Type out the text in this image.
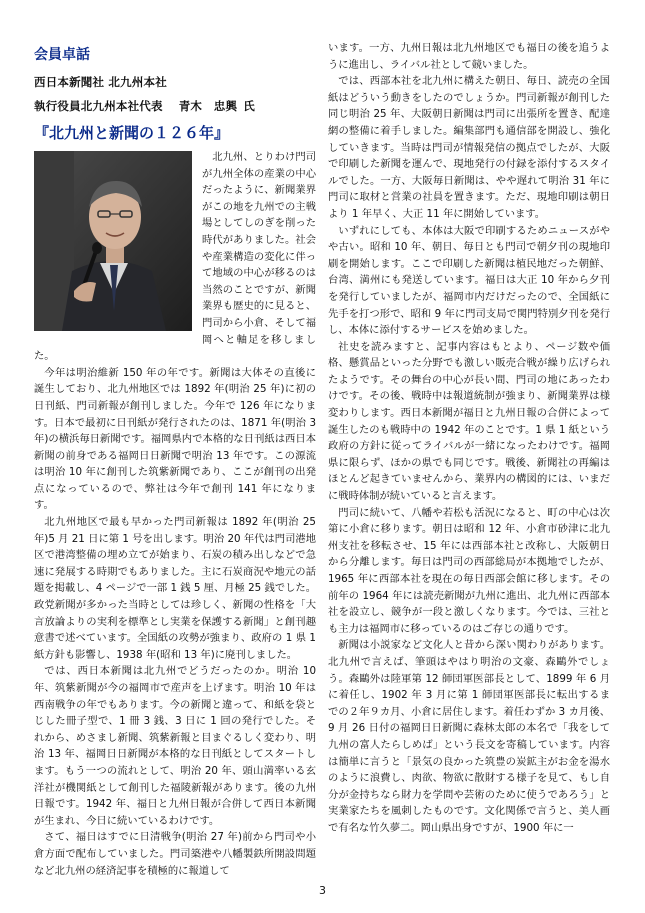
会員卓話
西日本新聞社 北九州本社
執行役員北九州本社代表 青木　忠興 氏
『北九州と新聞の１２６年』

北九州、とりわけ門司が九州全体の産業の中心だったように、新聞業界がこの地を九州での主戦場としてしのぎを削った時代がありました。社会や産業構造の変化に伴って地域の中心が移るのは当然のことですが、新聞業界も歴史的に見ると、門司から小倉、そして福岡へと軸足を移しました。

今年は明治維新 150 年の年です。新聞は大体その直後に誕生しており、北九州地区では 1892 年(明治 25 年)に初の日刊紙、門司新報が創刊しました。今年で 126 年になります。日本で最初に日刊紙が発行されたのは、1871 年(明治 3 年)の横浜毎日新聞です。福岡県内で本格的な日刊紙は西日本新聞の前身である福岡日日新聞で明治 13 年です。この源流は明治 10 年に創刊した筑紫新聞であり、ここが創刊の出発点になっているので、弊社は今年で創刊 141 年になります。

北九州地区で最も早かった門司新報は 1892 年(明治 25 年)5 月 21 日に第 1 号を出します。明治 20 年代は門司港地区で港湾整備の埋め立てが始まり、石炭の積み出しなどで急速に発展する時期でもありました。主に石炭商況や地元の話題を掲載し、4 ページで一部 1 銭 5 厘、月極 25 銭でした。政党新聞が多かった当時としては珍しく、新聞の性格を「大言放論よりの実利を標準とし実業を保護する新聞」と創刊趣意書で述べています。全国紙の攻勢が強まり、政府の 1 県 1 紙方針も影響し、1938 年(昭和 13 年)に廃刊しました。

では、西日本新聞は北九州でどうだったのか。明治 10 年、筑紫新聞が今の福岡市で産声を上げます。明治 10 年は西南戦争の年でもあります。今の新聞と違って、和紙を袋とじした冊子型で、1 冊 3 銭、3 日に 1 回の発行でした。それから、めさまし新聞、筑紫新報と目まぐるしく変わり、明治 13 年、福岡日日新聞が本格的な日刊紙としてスタートします。もう一つの流れとして、明治 20 年、頭山満率いる玄洋社が機関紙として創刊した福陵新報があります。後の九州日報です。1942 年、福日と九州日報が合併して西日本新聞が生まれ、今日に続いているわけです。

さて、福日はすでに日清戦争(明治 27 年)前から門司や小倉方面で配布していました。門司築港や八幡製鉄所開設問題など北九州の経済記事を積極的に報道して

います。一方、九州日報は北九州地区でも福日の後を追うように進出し、ライバル社として競いました。

では、西部本社を北九州に構えた朝日、毎日、読売の全国紙はどういう動きをしたのでしょうか。門司新報が創刊した同じ明治 25 年、大阪朝日新聞は門司に出張所を置き、配達網の整備に着手しました。編集部門も通信部を開設し、強化していきます。当時は門司が情報発信の拠点でしたが、大阪で印刷した新聞を運んで、現地発行の付録を添付するスタイルでした。一方、大阪毎日新聞は、やや遅れて明治 31 年に門司に取材と営業の社員を置きます。ただ、現地印刷は朝日より 1 年早く、大正 11 年に開始しています。

いずれにしても、本体は大阪で印刷するためニュースがやや古い。昭和 10 年、朝日、毎日とも門司で朝夕刊の現地印刷を開始します。ここで印刷した新聞は植民地だった朝鮮、台湾、満州にも発送しています。福日は大正 10 年から夕刊を発行していましたが、福岡市内だけだったので、全国紙に先手を打つ形で、昭和 9 年に門司支局で関門特別夕刊を発行し、本体に添付するサービスを始めました。

社史を読みますと、記事内容はもとより、ページ数や価格、懸賞品といった分野でも激しい販売合戦が繰り広げられたようです。その舞台の中心が長い間、門司の地にあったわけです。その後、戦時中は報道統制が強まり、新聞業界は様変わりします。西日本新聞が福日と九州日報の合併によって誕生したのも戦時中の 1942 年のことです。1 県 1 紙という政府の方針に従ってライバルが一緒になったわけです。福岡県に限らず、ほかの県でも同じです。戦後、新聞社の再編はほとんど起きていませんから、業界内の構図的には、いまだに戦時体制が続いていると言えます。

門司に続いて、八幡や若松も活況になると、町の中心は次第に小倉に移ります。朝日は昭和 12 年、小倉市砂津に北九州支社を移転させ、15 年には西部本社と改称し、大阪朝日から分離します。毎日は門司の西部総局が本拠地でしたが、1965 年に西部本社を現在の毎日西部会館に移します。その前年の 1964 年には読売新聞が九州に進出、北九州に西部本社を設立し、競争が一段と激しくなります。今では、三社とも主力は福岡市に移っているのはご存じの通りです。

新聞は小説家など文化人と昔から深い関わりがあります。北九州で言えば、筆頭はやはり明治の文豪、森鷗外でしょう。森鷗外は陸軍第 12 師団軍医部長として、1899 年 6 月に着任し、1902 年 3 月に第 1 師団軍医部長に転出するまでの２年９カ月、小倉に居住します。着任わずか 3 カ月後、9 月 26 日付の福岡日日新聞に森林太郎の本名で「我をして九州の富人たらしめば」という長文を寄稿しています。内容は簡単に言うと「景気の良かった筑豊の炭鉱主がお金を湯水のように浪費し、肉欲、物欲に散財する様子を見て、もし自分が金持ちなら財力を学問や芸術のために使うであろう」と実業家たちを風刺したものです。文化関係で言うと、美人画で有名な竹久夢二。岡山県出身ですが、1900 年に一

3
